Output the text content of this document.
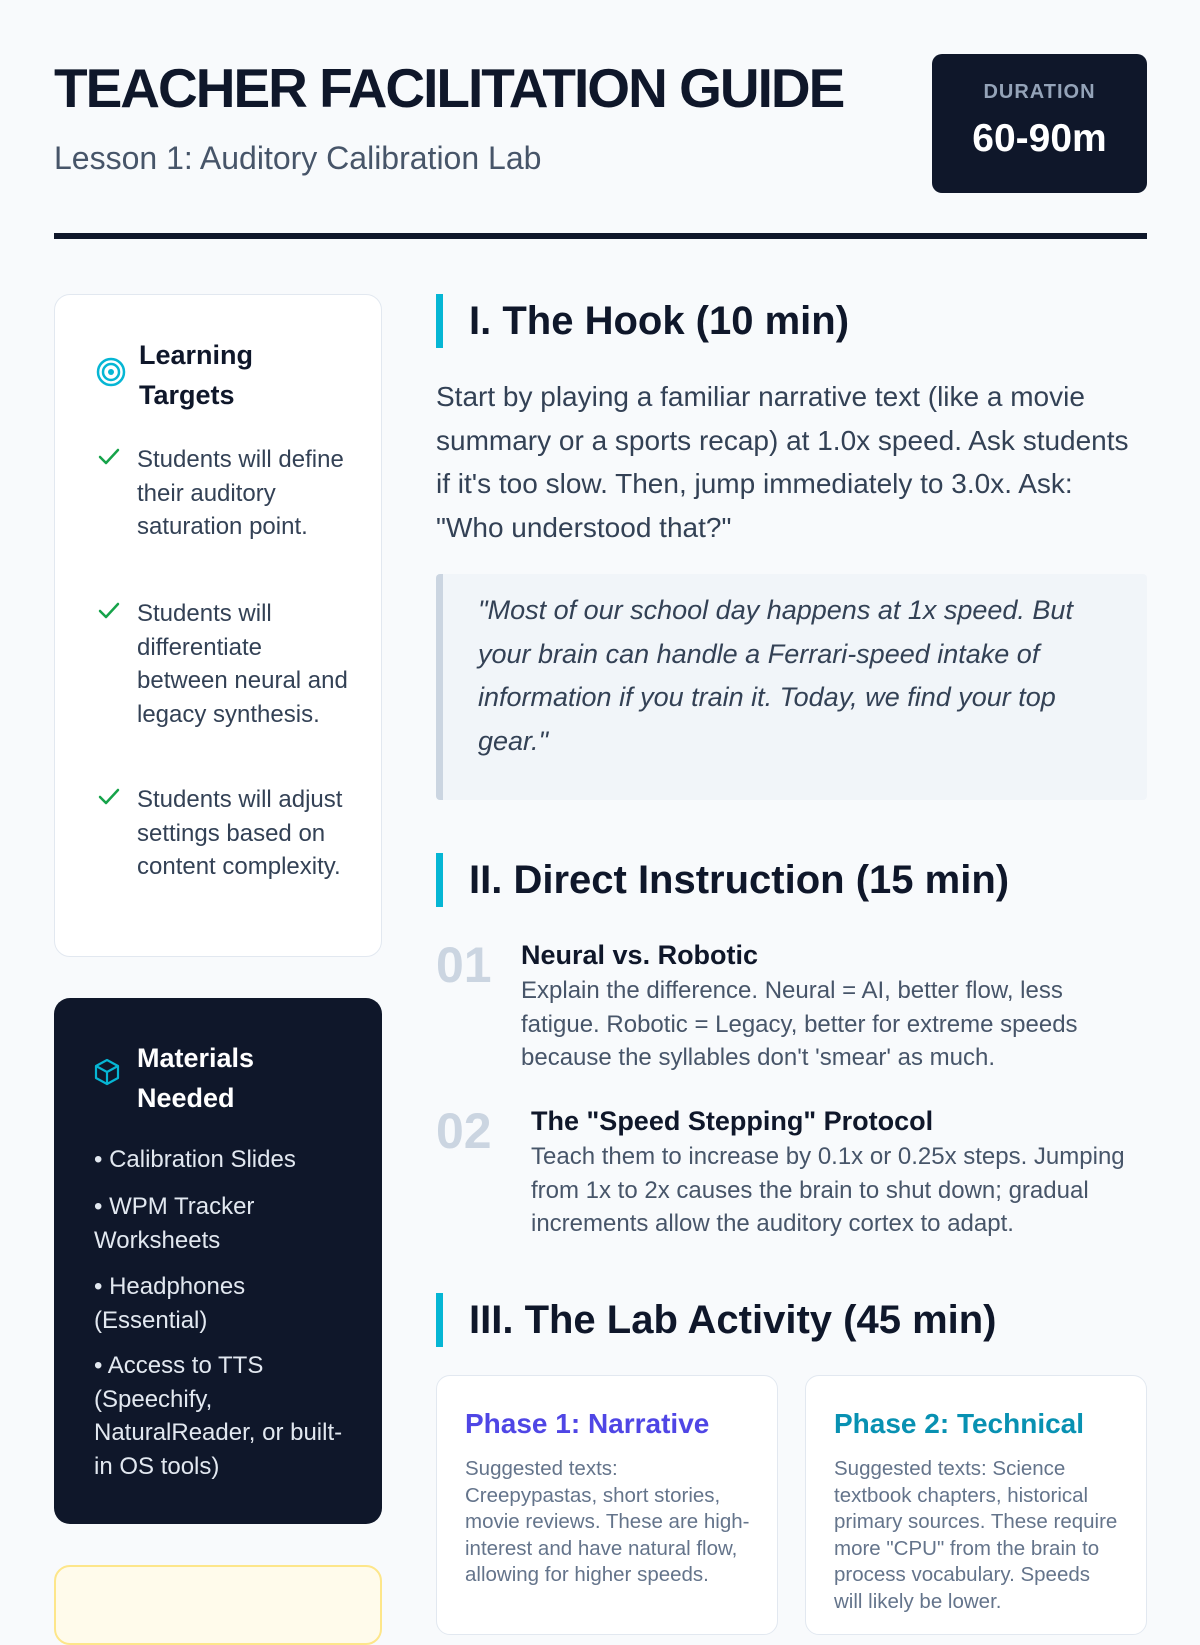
TEACHER FACILITATION GUIDE
Lesson 1: Auditory Calibration Lab
DURATION
60-90m
Learning Targets
Students will define their auditory saturation point.
Students will differentiate between neural and legacy synthesis.
Students will adjust settings based on content complexity.
Materials Needed
• Calibration Slides
• WPM Tracker Worksheets
• Headphones (Essential)
• Access to TTS (Speechify, NaturalReader, or built-in OS tools)
I. The Hook (10 min)

Start by playing a familiar narrative text (like a movie summary or a sports recap) at 1.0x speed. Ask students if it's too slow. Then, jump immediately to 3.0x. Ask: "Who understood that?"

"Most of our school day happens at 1x speed. But your brain can handle a Ferrari-speed intake of information if you train it. Today, we find your top gear."
II. Direct Instruction (15 min)
01 Neural vs. Robotic
Explain the difference. Neural = AI, better flow, less fatigue. Robotic = Legacy, better for extreme speeds because the syllables don't 'smear' as much.
02 The "Speed Stepping" Protocol
Teach them to increase by 0.1x or 0.25x steps. Jumping from 1x to 2x causes the brain to shut down; gradual increments allow the auditory cortex to adapt.
III. The Lab Activity (45 min)
Phase 1: Narrative
Suggested texts: Creepypastas, short stories, movie reviews. These are high-interest and have natural flow, allowing for higher speeds.
Phase 2: Technical
Suggested texts: Science textbook chapters, historical primary sources. These require more "CPU" from the brain to process vocabulary. Speeds will likely be lower.
